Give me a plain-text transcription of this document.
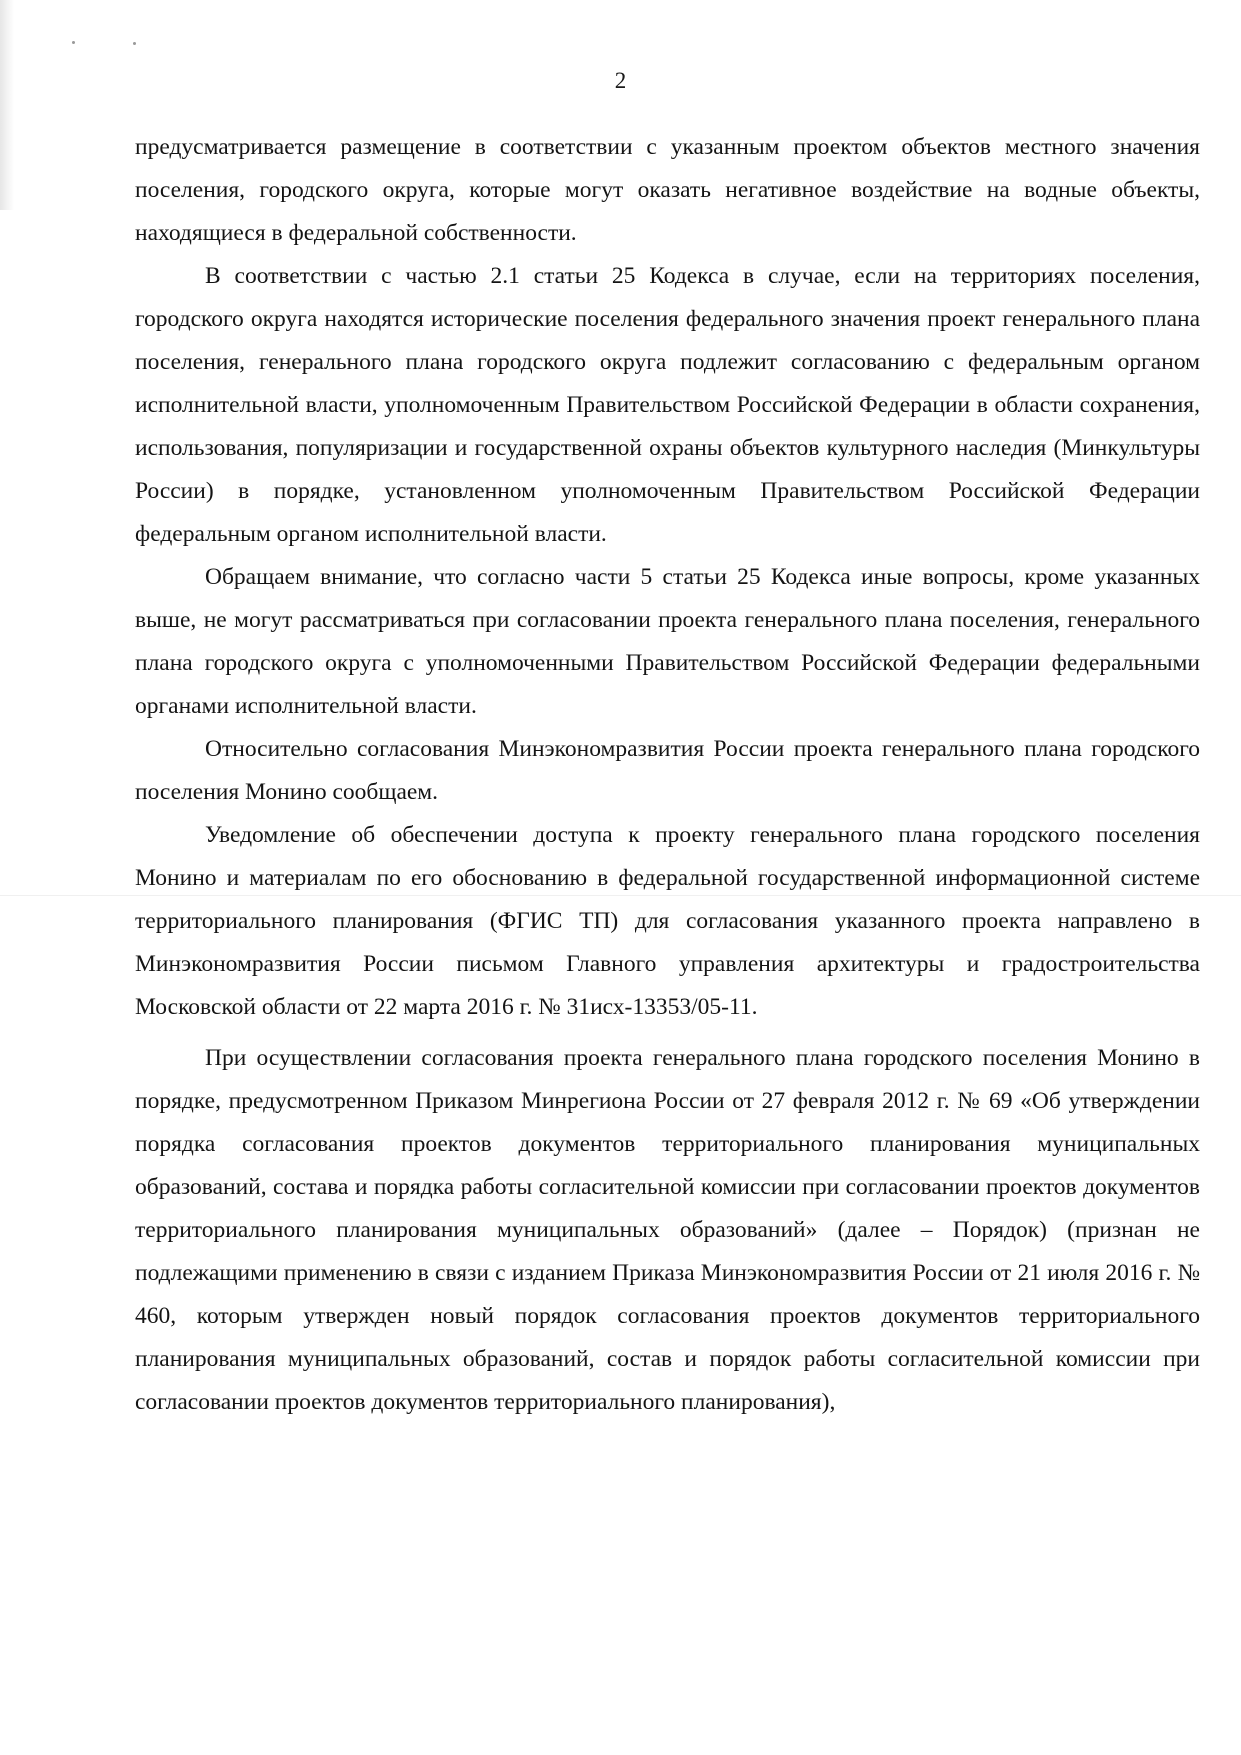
2

предусматривается размещение в соответствии с указанным проектом объектов местного значения поселения, городского округа, которые могут оказать негативное воздействие на водные объекты, находящиеся в федеральной собственности.

В соответствии с частью 2.1 статьи 25 Кодекса в случае, если на территориях поселения, городского округа находятся исторические поселения федерального значения проект генерального плана поселения, генерального плана городского округа подлежит согласованию с федеральным органом исполнительной власти, уполномоченным Правительством Российской Федерации в области сохранения, использования, популяризации и государственной охраны объектов культурного наследия (Минкультуры России) в порядке, установленном уполномоченным Правительством Российской Федерации федеральным органом исполнительной власти.

Обращаем внимание, что согласно части 5 статьи 25 Кодекса иные вопросы, кроме указанных выше, не могут рассматриваться при согласовании проекта генерального плана поселения, генерального плана городского округа с уполномоченными Правительством Российской Федерации федеральными органами исполнительной власти.

Относительно согласования Минэкономразвития России проекта генерального плана городского поселения Монино сообщаем.

Уведомление об обеспечении доступа к проекту генерального плана городского поселения Монино и материалам по его обоснованию в федеральной государственной информационной системе территориального планирования (ФГИС ТП) для согласования указанного проекта направлено в Минэкономразвития России письмом Главного управления архитектуры и градостроительства Московской области от 22 марта 2016 г. № 31исх-13353/05-11.

При осуществлении согласования проекта генерального плана городского поселения Монино в порядке, предусмотренном Приказом Минрегиона России от 27 февраля 2012 г. № 69 «Об утверждении порядка согласования проектов документов территориального планирования муниципальных образований, состава и порядка работы согласительной комиссии при согласовании проектов документов территориального планирования муниципальных образований» (далее – Порядок) (признан не подлежащими применению в связи с изданием Приказа Минэкономразвития России от 21 июля 2016 г. № 460, которым утвержден новый порядок согласования проектов документов территориального планирования муниципальных образований, состав и порядок работы согласительной комиссии при согласовании проектов документов территориального планирования),
